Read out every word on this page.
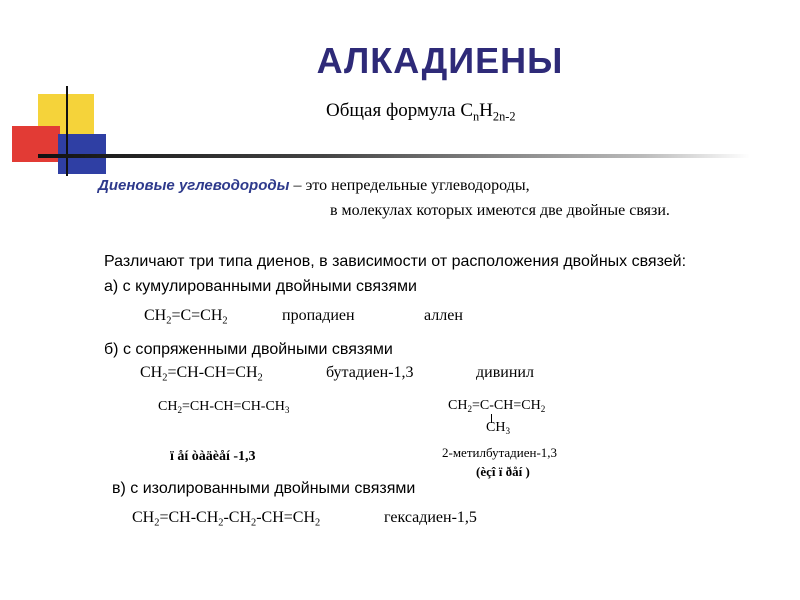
АЛКАДИЕНЫ
Общая формула $C_nH_{2n-2}$
Диеновые углеводороды – это непредельные углеводороды,
в молекулах которых имеются две двойные связи.
Различают три типа диенов, в зависимости от расположения двойных связей:
а) с кумулированными двойными связями
$CH_2=C=CH_2$	пропадиен	аллен
б) с сопряженными двойными связями
$CH_2=CH-CH=CH_2$	бутадиен-1,3	дивинил
$CH_2=CH-CH=CH-CH_3$	$CH_2=C-CH=CH_2$
$CH_3$
ï åí òàäèåí -1,3	2-метилбутадиен-1,3
(èçî ï ðåí )
в) с изолированными двойными связями
$CH_2=CH-CH_2-CH_2-CH=CH_2$	гексадиен-1,5
